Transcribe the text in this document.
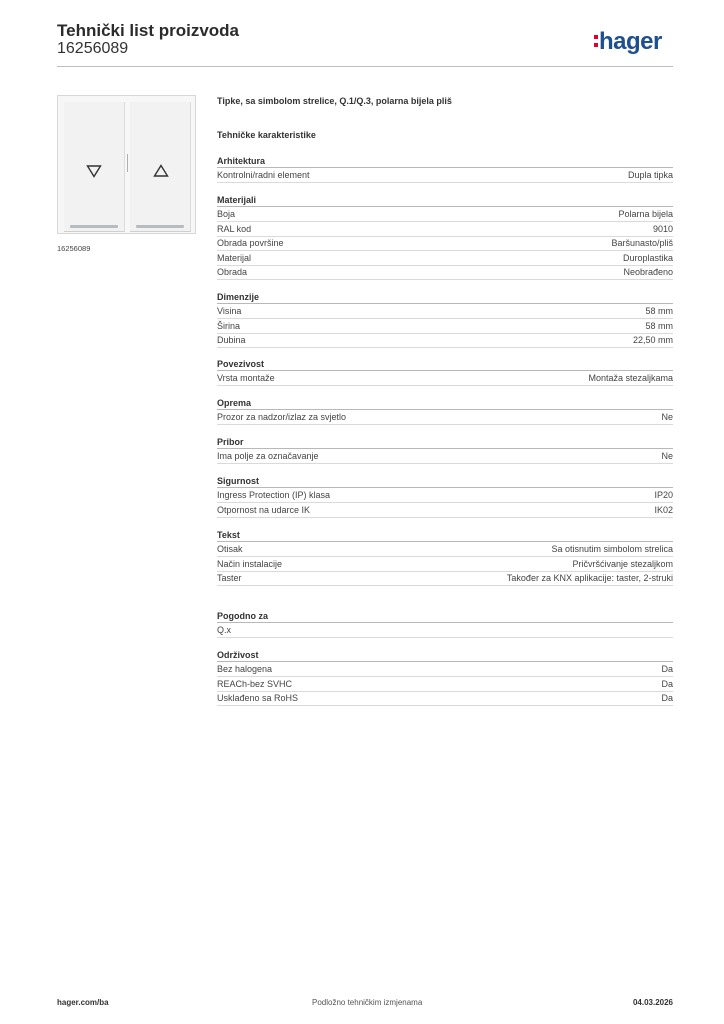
Tehnički list proizvoda
16256089	hager
16256089
Tipke, sa simbolom strelice, Q.1/Q.3, polarna bijela pliš
Tehničke karakteristike
Arhitektura
Kontrolni/radni element	Dupla tipka
Materijali
Boja	Polarna bijela
RAL kod	9010
Obrada površine	Baršunasto/pliš
Materijal	Duroplastika
Obrada	Neobrađeno
Dimenzije
Visina	58 mm
Širina	58 mm
Dubina	22,50 mm
Povezivost
Vrsta montaže	Montaža stezaljkama
Oprema
Prozor za nadzor/izlaz za svjetlo	Ne
Pribor
Ima polje za označavanje	Ne
Sigurnost
Ingress Protection (IP) klasa	IP20
Otpornost na udarce IK	IK02
Tekst
Otisak	Sa otisnutim simbolom strelica
Način instalacije	Pričvršćivanje stezaljkom
Taster	Također za KNX aplikacije: taster, 2-struki
Pogodno za
Q.x
Održivost
Bez halogena	Da
REACh-bez SVHC	Da
Usklađeno sa RoHS	Da
hager.com/ba	Podložno tehničkim izmjenama	04.03.2026
